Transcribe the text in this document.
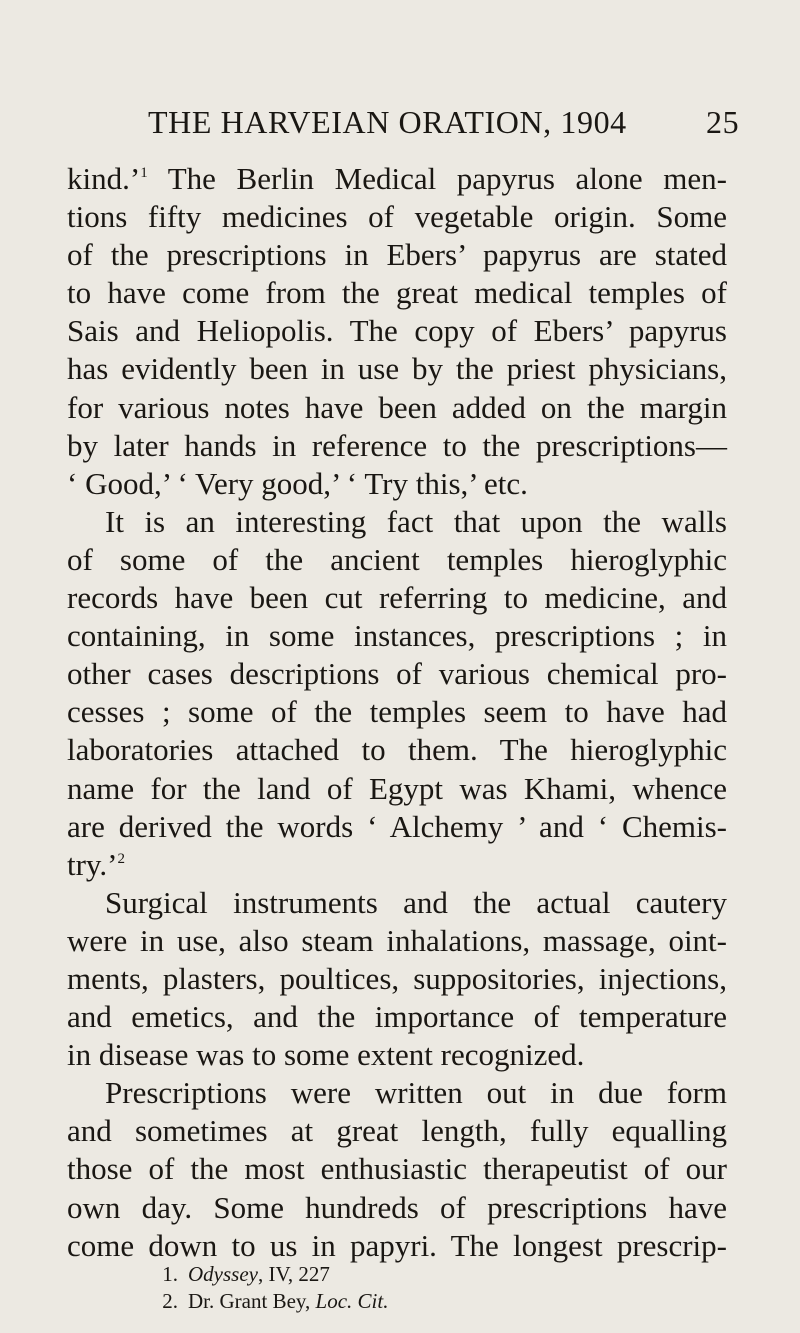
THE HARVEIAN ORATION, 1904 25
kind.’$^1$ The Berlin Medical papyrus alone men-
tions fifty medicines of vegetable origin. Some
of the prescriptions in Ebers’ papyrus are stated
to have come from the great medical temples of
Sais and Heliopolis. The copy of Ebers’ papyrus
has evidently been in use by the priest physicians,
for various notes have been added on the margin
by later hands in reference to the prescriptions—
‘ Good,’ ‘ Very good,’ ‘ Try this,’ etc.
It is an interesting fact that upon the walls
of some of the ancient temples hieroglyphic
records have been cut referring to medicine, and
containing, in some instances, prescriptions ; in
other cases descriptions of various chemical pro-
cesses ; some of the temples seem to have had
laboratories attached to them. The hieroglyphic
name for the land of Egypt was Khami, whence
are derived the words ‘ Alchemy ’ and ‘ Chemis-
try.’$^2$
Surgical instruments and the actual cautery
were in use, also steam inhalations, massage, oint-
ments, plasters, poultices, suppositories, injections,
and emetics, and the importance of temperature
in disease was to some extent recognized.
Prescriptions were written out in due form
and sometimes at great length, fully equalling
those of the most enthusiastic therapeutist of our
own day. Some hundreds of prescriptions have
come down to us in papyri. The longest prescrip-
1. Odyssey, IV, 227
2. Dr. Grant Bey, Loc. Cit.
